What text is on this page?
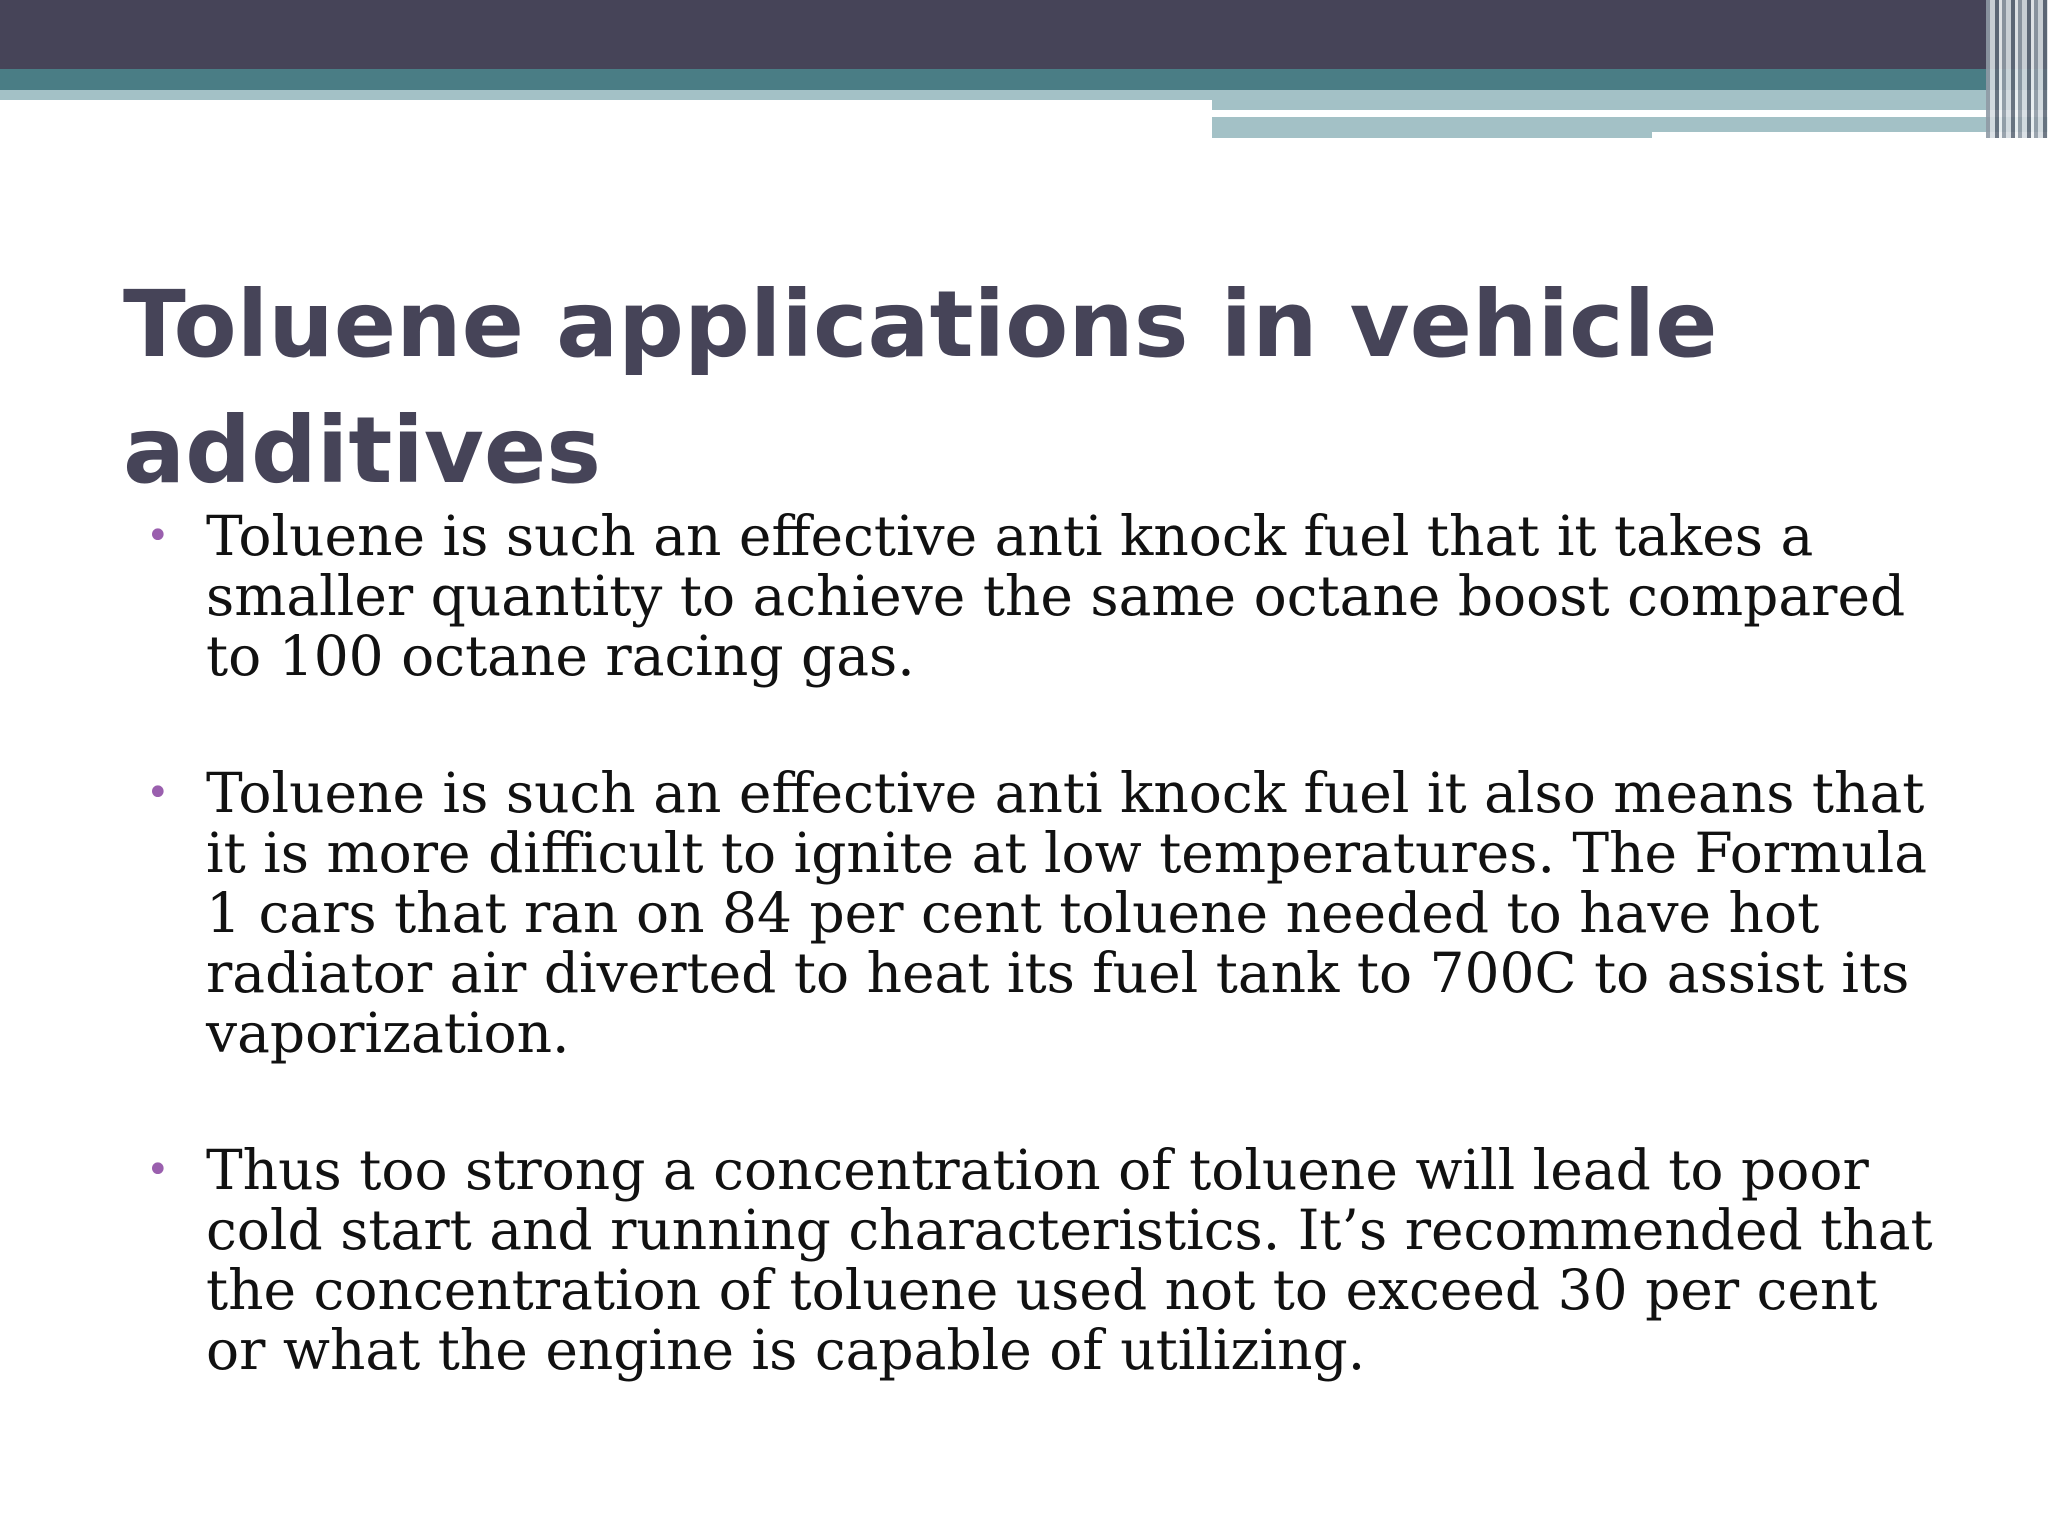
Toluene applications in vehicle additives
• Toluene is such an effective anti knock fuel that it takes a smaller quantity to achieve the same octane boost compared to 100 octane racing gas.
• Toluene is such an effective anti knock fuel it also means that it is more difficult to ignite at low temperatures. The Formula 1 cars that ran on 84 per cent toluene needed to have hot radiator air diverted to heat its fuel tank to 700C to assist its vaporization.
• Thus too strong a concentration of toluene will lead to poor cold start and running characteristics. It’s recommended that the concentration of toluene used not to exceed 30 per cent or what the engine is capable of utilizing.
